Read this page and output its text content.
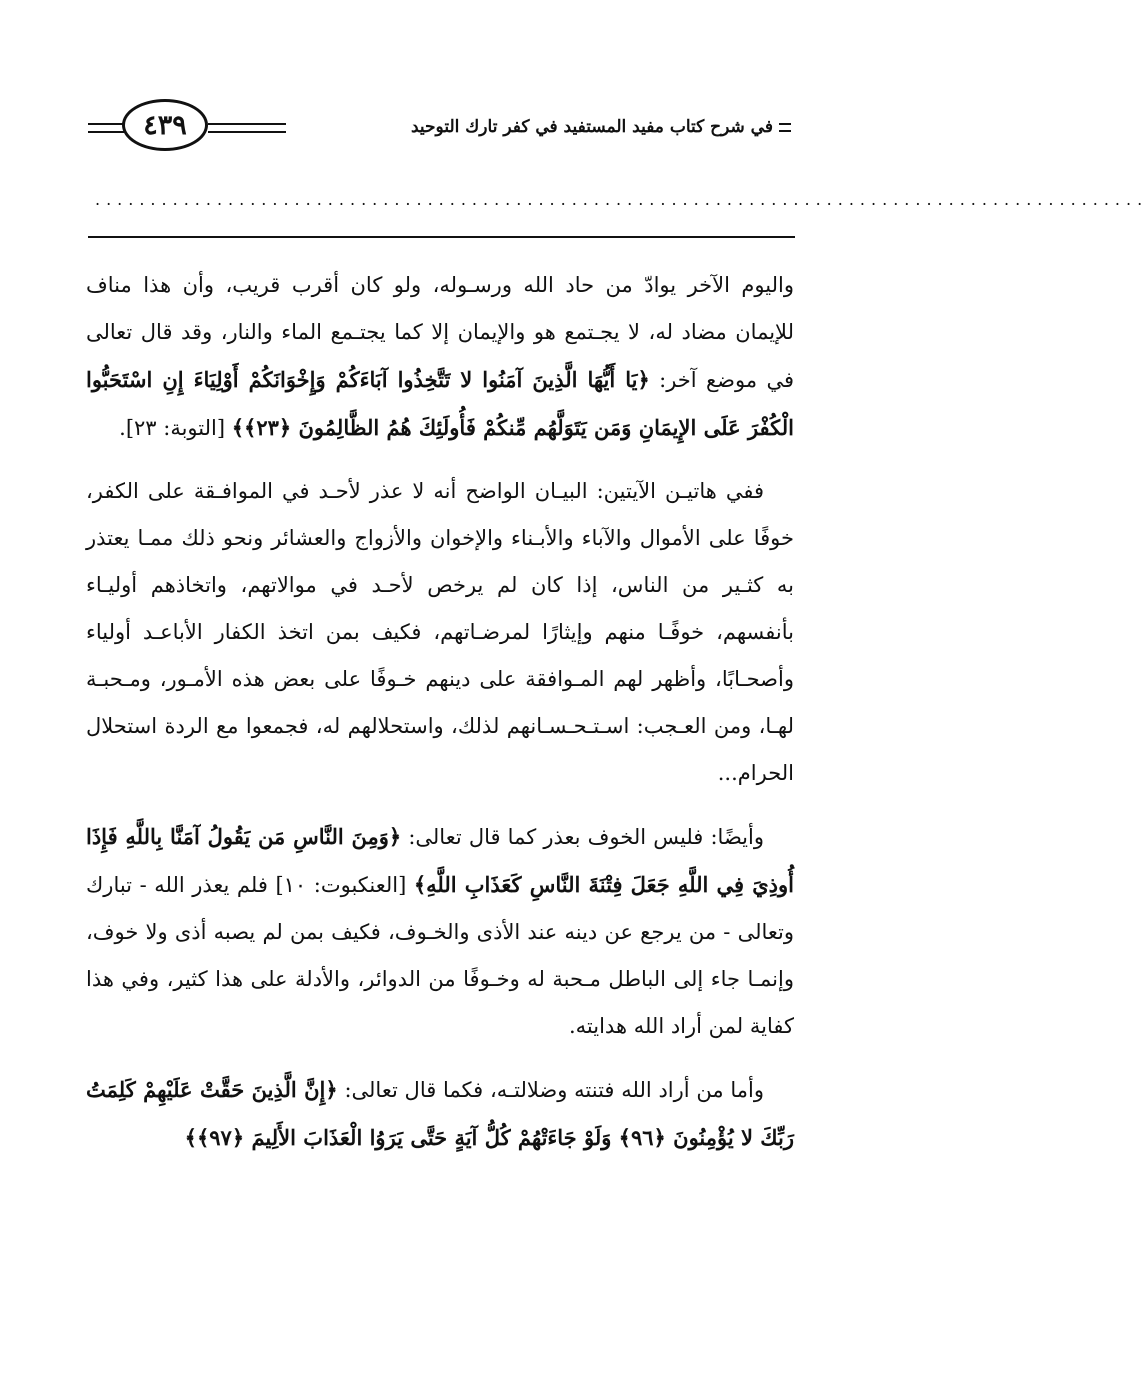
في شرح كتاب مفيد المستفيد في كفر تارك التوحيد
٤٣٩
...............................................................................................

واليوم الآخر يوادّ من حاد الله ورسـوله، ولو كان أقرب قريب، وأن هذا مناف للإيمان مضاد له، لا يجـتمع هو والإيمان إلا كما يجتـمع الماء والنار، وقد قال تعالى في موضع آخر: ﴿يَا أَيُّهَا الَّذِينَ آمَنُوا لا تَتَّخِذُوا آبَاءَكُمْ وَإِخْوَانَكُمْ أَوْلِيَاءَ إِنِ اسْتَحَبُّوا الْكُفْرَ عَلَى الإِيمَانِ وَمَن يَتَوَلَّهُم مِّنكُمْ فَأُولَئِكَ هُمُ الظَّالِمُونَ ﴿٢٣﴾﴾ [التوبة: ٢٣].

ففي هاتيـن الآيتين: البيـان الواضح أنه لا عذر لأحـد في الموافـقة على الكفر، خوفًا على الأموال والآباء والأبـناء والإخوان والأزواج والعشائر ونحو ذلك ممـا يعتذر به كثـير من الناس، إذا كان لم يرخص لأحـد في موالاتهم، واتخاذهم أوليـاء بأنفسهم، خوفًـا منهم وإيثارًا لمرضـاتهم، فكيف بمن اتخذ الكفار الأباعـد أولياء وأصحـابًا، وأظهر لهم المـوافقة على دينهم خـوفًا على بعض هذه الأمـور، ومـحبـة لهـا، ومن العـجب: اسـتـحـسـانهم لذلك، واستحلالهم له، فجمعوا مع الردة استحلال الحرام...

وأيضًا: فليس الخوف بعذر كما قال تعالى: ﴿وَمِنَ النَّاسِ مَن يَقُولُ آمَنَّا بِاللَّهِ فَإِذَا أُوذِيَ فِي اللَّهِ جَعَلَ فِتْنَةَ النَّاسِ كَعَذَابِ اللَّهِ﴾ [العنكبوت: ١٠] فلم يعذر الله - تبارك وتعالى - من يرجع عن دينه عند الأذى والخـوف، فكيف بمن لم يصبه أذى ولا خوف، وإنمـا جاء إلى الباطل مـحبة له وخـوفًا من الدوائر، والأدلة على هذا كثير، وفي هذا كفاية لمن أراد الله هدايته.

وأما من أراد الله فتنته وضلالتـه، فكما قال تعالى: ﴿إِنَّ الَّذِينَ حَقَّتْ عَلَيْهِمْ كَلِمَتُ رَبِّكَ لا يُؤْمِنُونَ ﴿٩٦﴾ وَلَوْ جَاءَتْهُمْ كُلُّ آيَةٍ حَتَّى يَرَوُا الْعَذَابَ الأَلِيمَ ﴿٩٧﴾﴾
